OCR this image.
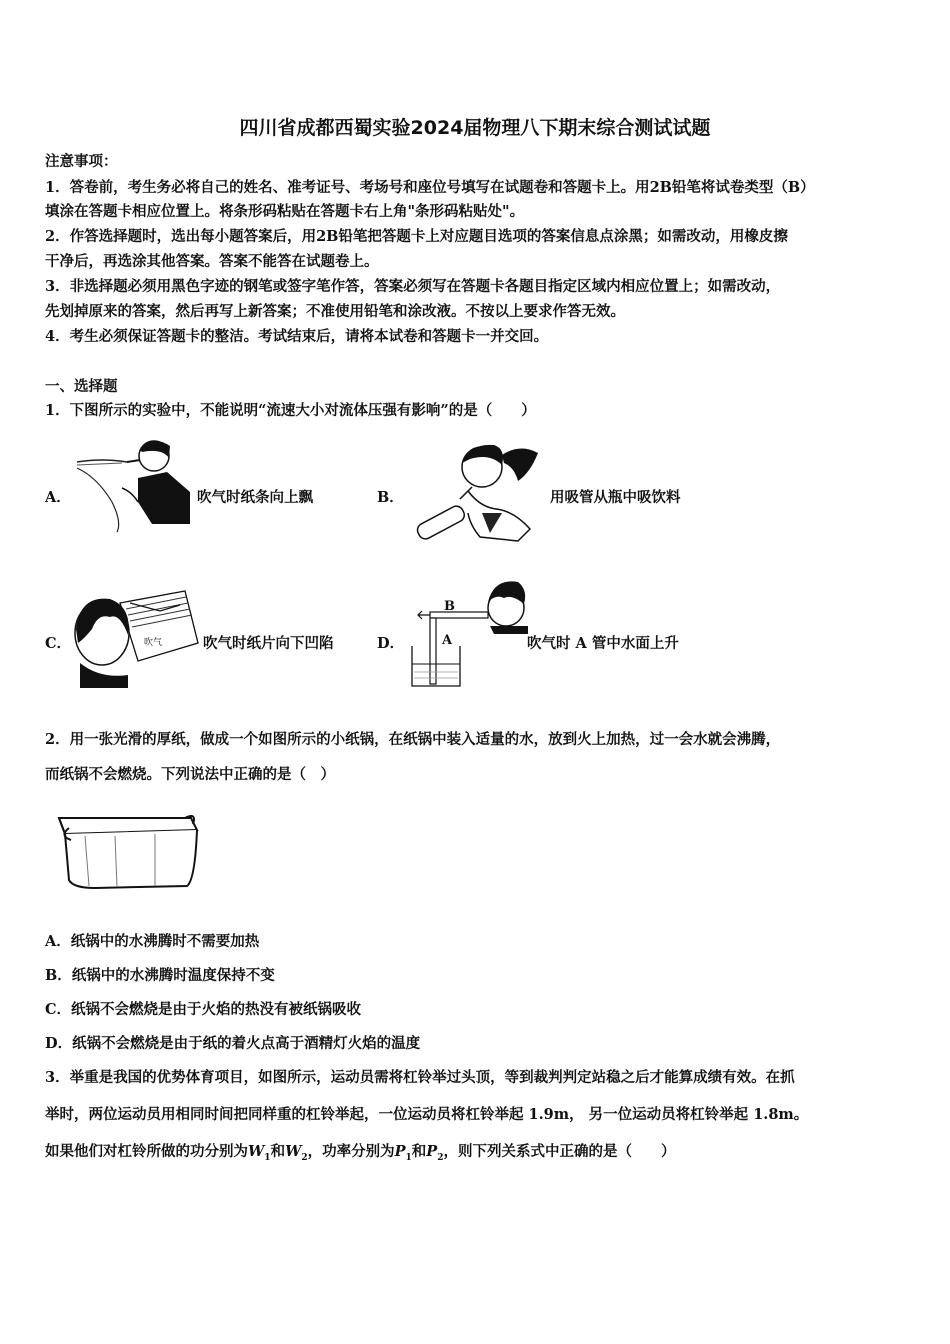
四川省成都西蜀实验2024届物理八下期末综合测试试题
注意事项：
1．答卷前，考生务必将自己的姓名、准考证号、考场号和座位号填写在试题卷和答题卡上。用2B铅笔将试卷类型（B）
填涂在答题卡相应位置上。将条形码粘贴在答题卡右上角"条形码粘贴处"。
2．作答选择题时，选出每小题答案后，用2B铅笔把答题卡上对应题目选项的答案信息点涂黑；如需改动，用橡皮擦
干净后，再选涂其他答案。答案不能答在试题卷上。
3．非选择题必须用黑色字迹的钢笔或签字笔作答，答案必须写在答题卡各题目指定区域内相应位置上；如需改动，
先划掉原来的答案，然后再写上新答案；不准使用铅笔和涂改液。不按以上要求作答无效。
4．考生必须保证答题卡的整洁。考试结束后，请将本试卷和答题卡一并交回。
一、选择题
1．下图所示的实验中，不能说明“流速大小对流体压强有影响”的是（　　）
A．	吹气时纸条向上飘	B．	用吸管从瓶中吸饮料
C．	吹气	吹气时纸片向下凹陷	D．
B
A	吹气时 A 管中水面上升
2．用一张光滑的厚纸，做成一个如图所示的小纸锅，在纸锅中装入适量的水，放到火上加热，过一会水就会沸腾，
而纸锅不会燃烧。下列说法中正确的是（　）
A．纸锅中的水沸腾时不需要加热
B．纸锅中的水沸腾时温度保持不变
C．纸锅不会燃烧是由于火焰的热没有被纸锅吸收
D．纸锅不会燃烧是由于纸的着火点高于酒精灯火焰的温度
3．举重是我国的优势体育项目，如图所示，运动员需将杠铃举过头顶，等到裁判判定站稳之后才能算成绩有效。在抓
举时，两位运动员用相同时间把同样重的杠铃举起，一位运动员将杠铃举起 1.9m， 另一位运动员将杠铃举起 1.8m。
如果他们对杠铃所做的功分别为$W_1$和$W_2$，功率分别为$P_1$和$P_2$，则下列关系式中正确的是（　　）
